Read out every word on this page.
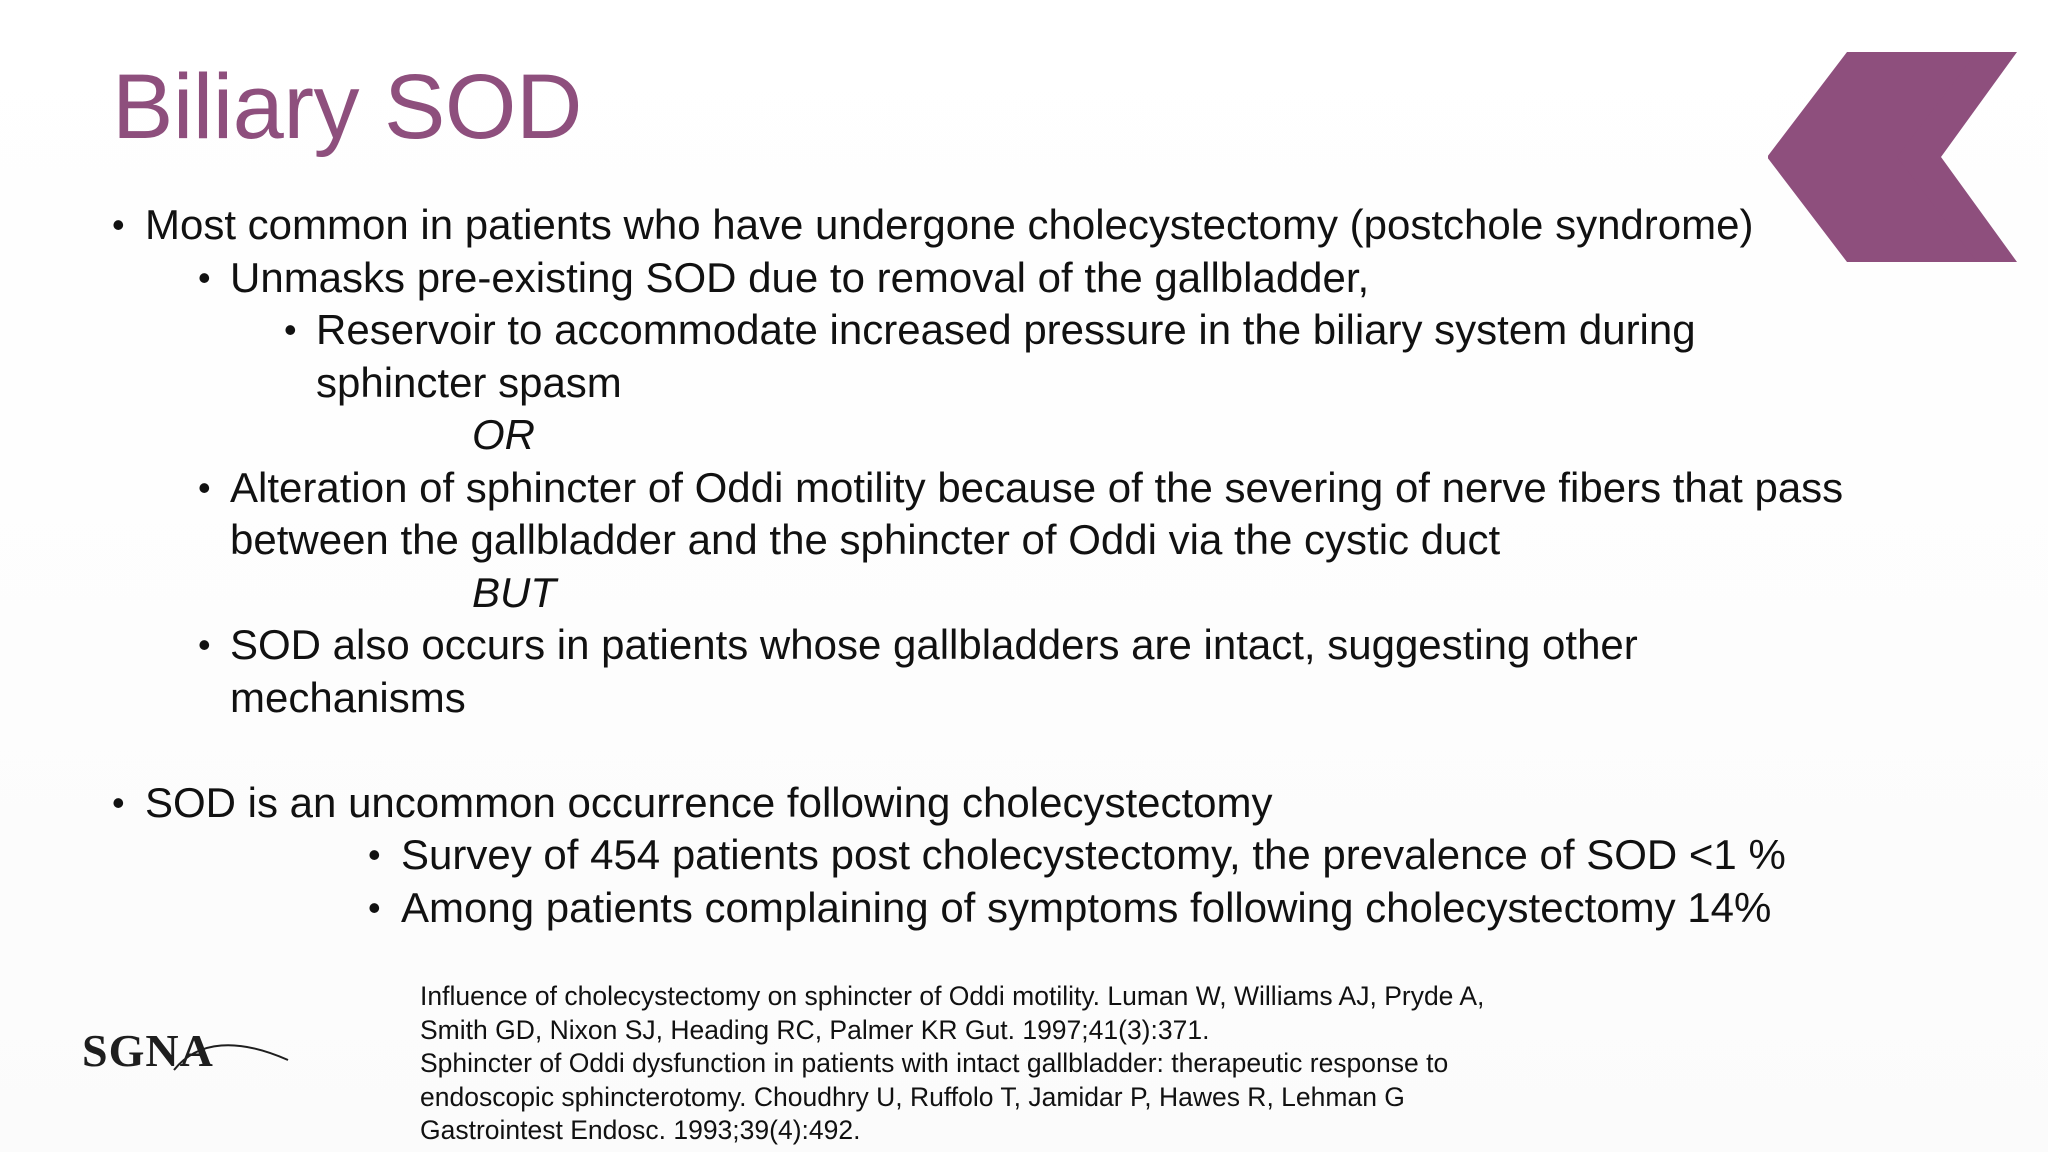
Biliary SOD
• Most common in patients who have undergone cholecystectomy (postchole syndrome)
• Unmasks pre-existing SOD due to removal of the gallbladder,
• Reservoir to accommodate increased pressure in the biliary system during
sphincter spasm
OR
• Alteration of sphincter of Oddi motility because of the severing of nerve fibers that pass
between the gallbladder and the sphincter of Oddi via the cystic duct
BUT
• SOD also occurs in patients whose gallbladders are intact, suggesting other
mechanisms
• SOD is an uncommon occurrence following cholecystectomy
• Survey of 454 patients post cholecystectomy, the prevalence of SOD <1 %
• Among patients complaining of symptoms following cholecystectomy 14%
Influence of cholecystectomy on sphincter of Oddi motility. Luman W, Williams AJ, Pryde A,
Smith GD, Nixon SJ, Heading RC, Palmer KR Gut. 1997;41(3):371.
Sphincter of Oddi dysfunction in patients with intact gallbladder: therapeutic response to
endoscopic sphincterotomy. Choudhry U, Ruffolo T, Jamidar P, Hawes R, Lehman G
Gastrointest Endosc. 1993;39(4):492.
SGNA
